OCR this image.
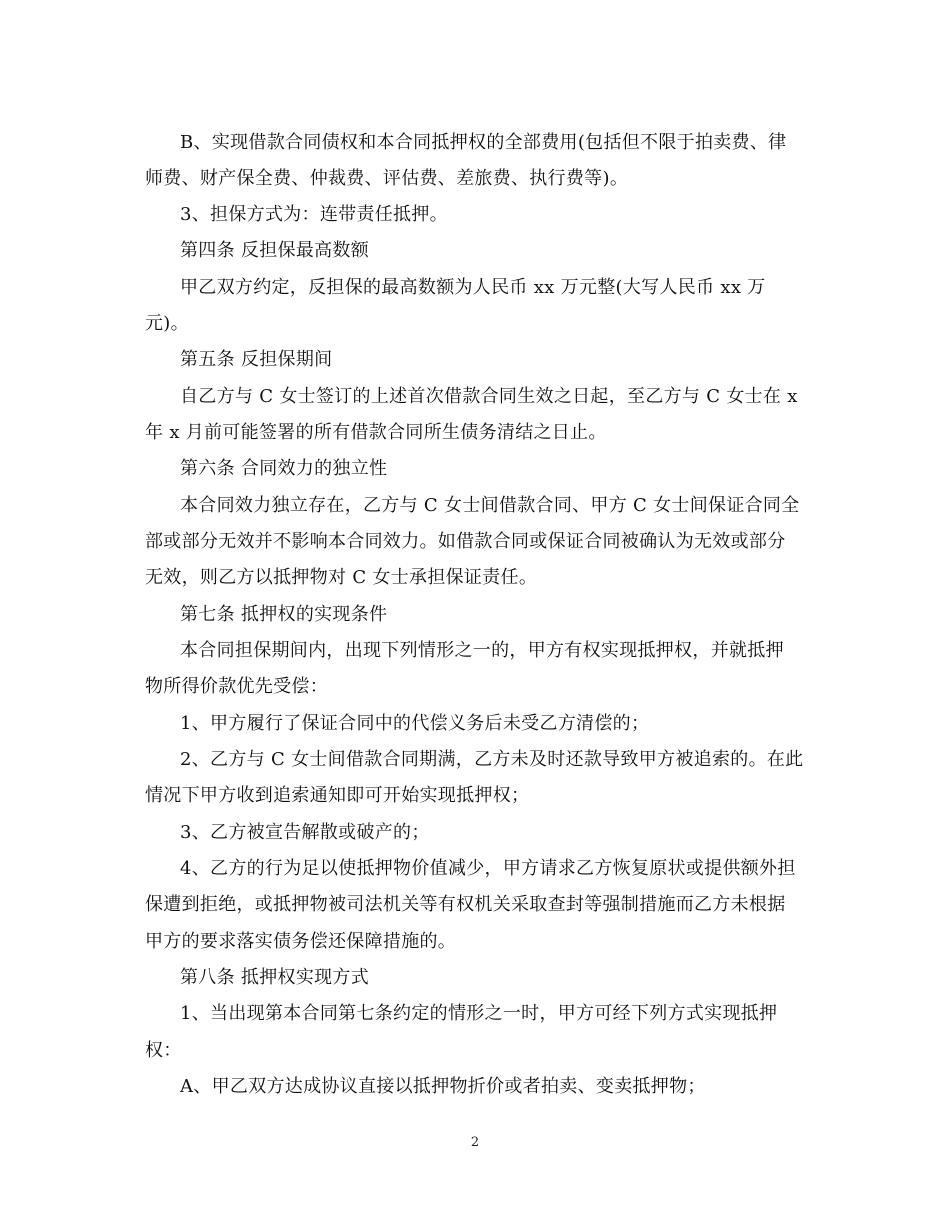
B、实现借款合同债权和本合同抵押权的全部费用(包括但不限于拍卖费、律
师费、财产保全费、仲裁费、评估费、差旅费、执行费等)。
3、担保方式为：连带责任抵押。
第四条 反担保最高数额
甲乙双方约定，反担保的最高数额为人民币 xx 万元整(大写人民币 xx 万
元)。
第五条 反担保期间
自乙方与 C 女士签订的上述首次借款合同生效之日起，至乙方与 C 女士在 x
年 x 月前可能签署的所有借款合同所生债务清结之日止。
第六条 合同效力的独立性
本合同效力独立存在，乙方与 C 女士间借款合同、甲方 C 女士间保证合同全
部或部分无效并不影响本合同效力。如借款合同或保证合同被确认为无效或部分
无效，则乙方以抵押物对 C 女士承担保证责任。
第七条 抵押权的实现条件
本合同担保期间内，出现下列情形之一的，甲方有权实现抵押权，并就抵押
物所得价款优先受偿：
1、甲方履行了保证合同中的代偿义务后未受乙方清偿的；
2、乙方与 C 女士间借款合同期满，乙方未及时还款导致甲方被追索的。在此
情况下甲方收到追索通知即可开始实现抵押权；
3、乙方被宣告解散或破产的；
4、乙方的行为足以使抵押物价值减少，甲方请求乙方恢复原状或提供额外担
保遭到拒绝，或抵押物被司法机关等有权机关采取查封等强制措施而乙方未根据
甲方的要求落实债务偿还保障措施的。
第八条 抵押权实现方式
1、当出现第本合同第七条约定的情形之一时，甲方可经下列方式实现抵押
权：
A、甲乙双方达成协议直接以抵押物折价或者拍卖、变卖抵押物；
2
